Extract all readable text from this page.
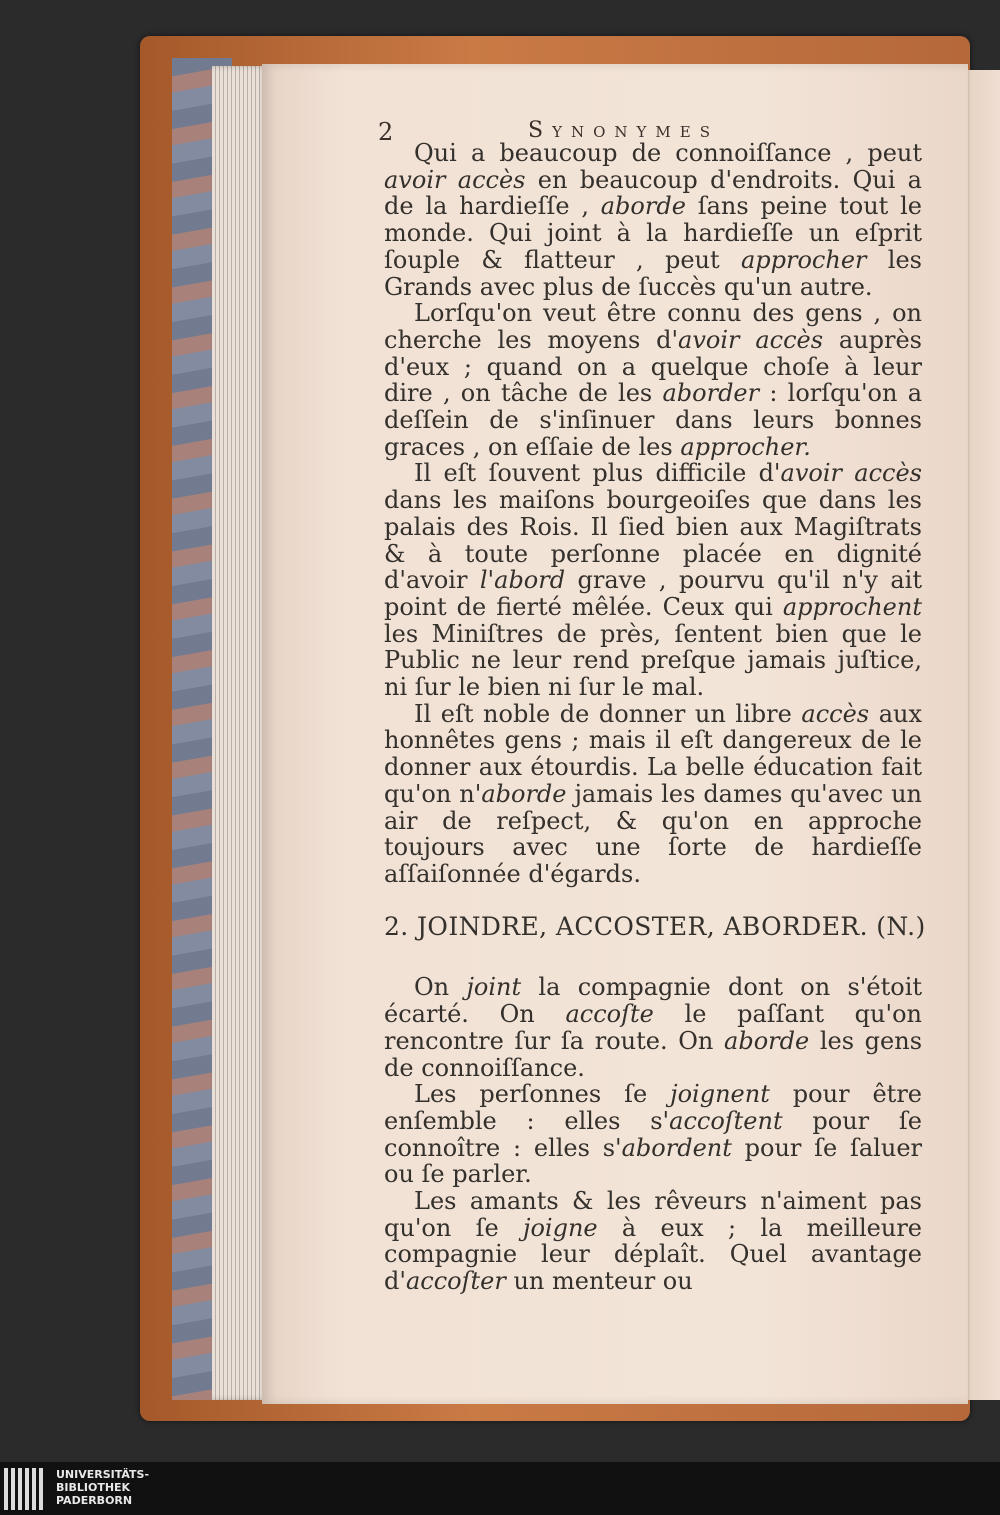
2	Synonymes

Qui a beaucoup de connoiſſance , peut avoir accès en beaucoup d'endroits. Qui a de la hardieſſe , aborde ſans peine tout le monde. Qui joint à la hardieſſe un eſprit ſouple & flatteur , peut approcher les Grands avec plus de ſuccès qu'un autre.

Lorſqu'on veut être connu des gens , on cherche les moyens d'avoir accès auprès d'eux ; quand on a quelque choſe à leur dire , on tâche de les aborder : lorſqu'on a deſſein de s'inſinuer dans leurs bonnes graces , on eſſaie de les approcher.

Il eſt ſouvent plus difficile d'avoir accès dans les maiſons bourgeoiſes que dans les palais des Rois. Il ſied bien aux Magiſtrats & à toute perſonne placée en dignité d'avoir l'abord grave , pourvu qu'il n'y ait point de fierté mêlée. Ceux qui approchent les Miniſtres de près, ſentent bien que le Public ne leur rend preſque jamais juſtice, ni ſur le bien ni ſur le mal.

Il eſt noble de donner un libre accès aux honnêtes gens ; mais il eſt dangereux de le donner aux étourdis. La belle éducation fait qu'on n'aborde jamais les dames qu'avec un air de reſpect, & qu'on en approche toujours avec une ſorte de hardieſſe aſſaiſonnée d'égards.

2. JOINDRE, ACCOSTER, ABORDER. (N.)

On joint la compagnie dont on s'étoit écarté. On accoſte le paſſant qu'on rencontre ſur ſa route. On aborde les gens de connoiſſance.

Les perſonnes ſe joignent pour être enſemble : elles s'accoſtent pour ſe connoître : elles s'abordent pour ſe ſaluer ou ſe parler.

Les amants & les rêveurs n'aiment pas qu'on ſe joigne à eux ; la meilleure compagnie leur déplaît. Quel avantage d'accoſter un menteur ou

UNIVERSITÄTS-
BIBLIOTHEK
PADERBORN
